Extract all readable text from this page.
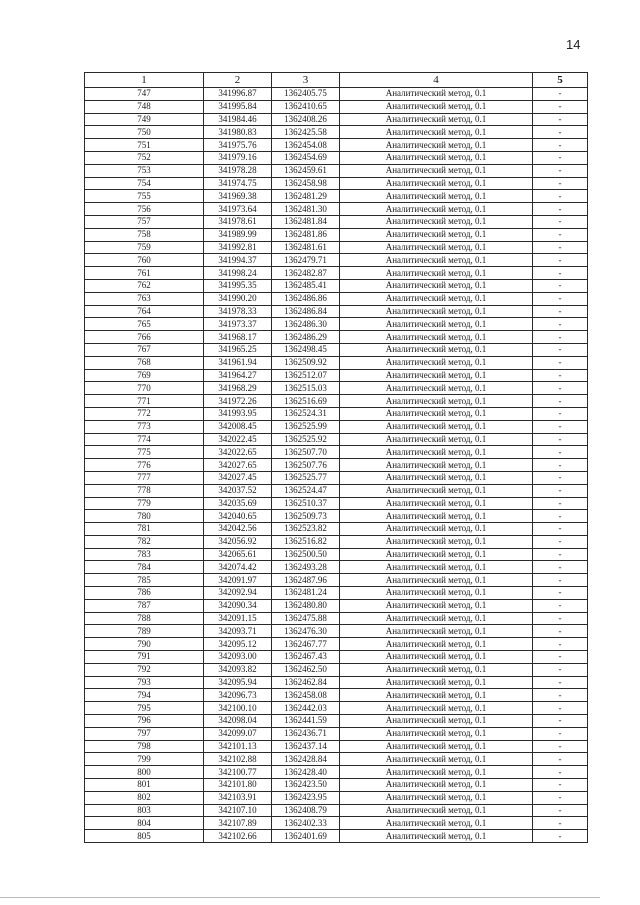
14
1	2	3	4	5
747	341996.87	1362405.75	Аналитический метод, 0.1	-
748	341995.84	1362410.65	Аналитический метод, 0.1	-
749	341984.46	1362408.26	Аналитический метод, 0.1	-
750	341980.83	1362425.58	Аналитический метод, 0.1	-
751	341975.76	1362454.08	Аналитический метод, 0.1	-
752	341979.16	1362454.69	Аналитический метод, 0.1	-
753	341978.28	1362459.61	Аналитический метод, 0.1	-
754	341974.75	1362458.98	Аналитический метод, 0.1	-
755	341969.38	1362481.29	Аналитический метод, 0.1	-
756	341973.64	1362481.30	Аналитический метод, 0.1	-
757	341978.61	1362481.84	Аналитический метод, 0.1	-
758	341989.99	1362481.86	Аналитический метод, 0.1	-
759	341992.81	1362481.61	Аналитический метод, 0.1	-
760	341994.37	1362479.71	Аналитический метод, 0.1	-
761	341998.24	1362482.87	Аналитический метод, 0.1	-
762	341995.35	1362485.41	Аналитический метод, 0.1	-
763	341990.20	1362486.86	Аналитический метод, 0.1	-
764	341978.33	1362486.84	Аналитический метод, 0.1	-
765	341973.37	1362486.30	Аналитический метод, 0.1	-
766	341968.17	1362486.29	Аналитический метод, 0.1	-
767	341965.25	1362498.45	Аналитический метод, 0.1	-
768	341961.94	1362509.92	Аналитический метод, 0.1	-
769	341964.27	1362512.07	Аналитический метод, 0.1	-
770	341968.29	1362515.03	Аналитический метод, 0.1	-
771	341972.26	1362516.69	Аналитический метод, 0.1	-
772	341993.95	1362524.31	Аналитический метод, 0.1	-
773	342008.45	1362525.99	Аналитический метод, 0.1	-
774	342022.45	1362525.92	Аналитический метод, 0.1	-
775	342022.65	1362507.70	Аналитический метод, 0.1	-
776	342027.65	1362507.76	Аналитический метод, 0.1	-
777	342027.45	1362525.77	Аналитический метод, 0.1	-
778	342037.52	1362524.47	Аналитический метод, 0.1	-
779	342035.69	1362510.37	Аналитический метод, 0.1	-
780	342040.65	1362509.73	Аналитический метод, 0.1	-
781	342042.56	1362523.82	Аналитический метод, 0.1	-
782	342056.92	1362516.82	Аналитический метод, 0.1	-
783	342065.61	1362500.50	Аналитический метод, 0.1	-
784	342074.42	1362493.28	Аналитический метод, 0.1	-
785	342091.97	1362487.96	Аналитический метод, 0.1	-
786	342092.94	1362481.24	Аналитический метод, 0.1	-
787	342090.34	1362480.80	Аналитический метод, 0.1	-
788	342091.15	1362475.88	Аналитический метод, 0.1	-
789	342093.71	1362476.30	Аналитический метод, 0.1	-
790	342095.12	1362467.77	Аналитический метод, 0.1	-
791	342093.00	1362467.43	Аналитический метод, 0.1	-
792	342093.82	1362462.50	Аналитический метод, 0.1	-
793	342095.94	1362462.84	Аналитический метод, 0.1	-
794	342096.73	1362458.08	Аналитический метод, 0.1	-
795	342100.10	1362442.03	Аналитический метод, 0.1	-
796	342098.04	1362441.59	Аналитический метод, 0.1	-
797	342099.07	1362436.71	Аналитический метод, 0.1	-
798	342101.13	1362437.14	Аналитический метод, 0.1	-
799	342102.88	1362428.84	Аналитический метод, 0.1	-
800	342100.77	1362428.40	Аналитический метод, 0.1	-
801	342101.80	1362423.50	Аналитический метод, 0.1	-
802	342103.91	1362423.95	Аналитический метод, 0.1	-
803	342107.10	1362408.79	Аналитический метод, 0.1	-
804	342107.89	1362402.33	Аналитический метод, 0.1	-
805	342102.66	1362401.69	Аналитический метод, 0.1	-
